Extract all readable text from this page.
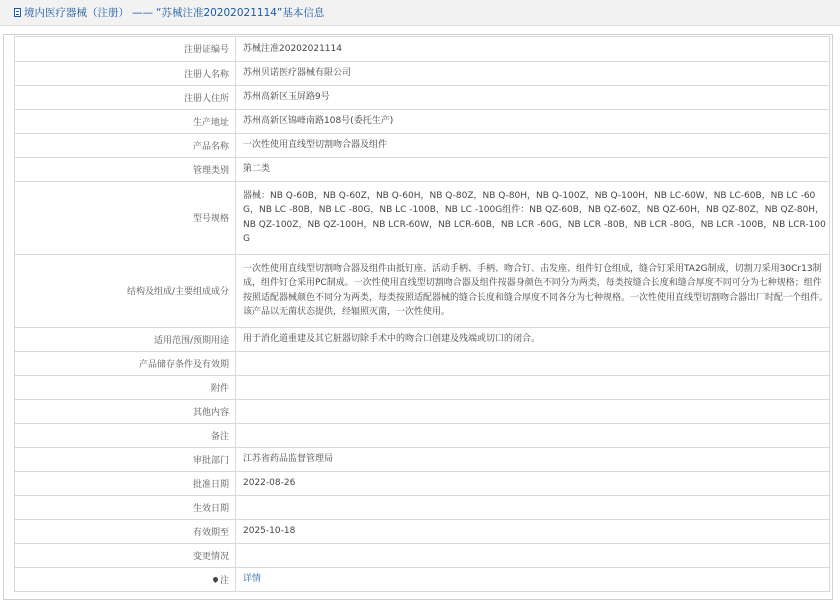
境内医疗器械（注册） —— “苏械注准20202021114”基本信息
注册证编号	苏械注准20202021114
注册人名称	苏州贝诺医疗器械有限公司
注册人住所	苏州高新区玉屏路9号
生产地址	苏州高新区锦峰南路108号(委托生产)
产品名称	一次性使用直线型切割吻合器及组件
管理类别	第二类
型号规格	器械：NB Q-60B，NB Q-60Z，NB Q-60H，NB Q-80Z，NB Q-80H，NB Q-100Z，NB Q-100H，NB LC-60W，NB LC-60B，NB LC -60G，NB LC -80B，NB LC -80G，NB LC -100B，NB LC -100G组件：NB QZ-60B，NB QZ-60Z，NB QZ-60H，NB QZ-80Z，NB QZ-80H，NB QZ-100Z，NB QZ-100H，NB LCR-60W，NB LCR-60B，NB LCR -60G，NB LCR -80B，NB LCR -80G，NB LCR -100B，NB LCR-100G
结构及组成/主要组成成分	一次性使用直线型切割吻合器及组件由抵钉座、活动手柄、手柄、吻合钉、击发座、组件钉仓组成，缝合钉采用TA2G制成，切割刀采用30Cr13制成，组件钉仓采用PC制成。一次性使用直线型切割吻合器及组件按器身颜色不同分为两类，每类按缝合长度和缝合厚度不同可分为七种规格；组件按照适配器械颜色不同分为两类，每类按照适配器械的缝合长度和缝合厚度不同各分为七种规格。一次性使用直线型切割吻合器出厂时配一个组件。该产品以无菌状态提供，经辐照灭菌，一次性使用。
适用范围/预期用途	用于消化道重建及其它脏器切除手术中的吻合口创建及残端或切口的闭合。
产品储存条件及有效期	
附件	
其他内容	
备注	
审批部门	江苏省药品监督管理局
批准日期	2022-08-26
生效日期	
有效期至	2025-10-18
变更情况	
注	详情
